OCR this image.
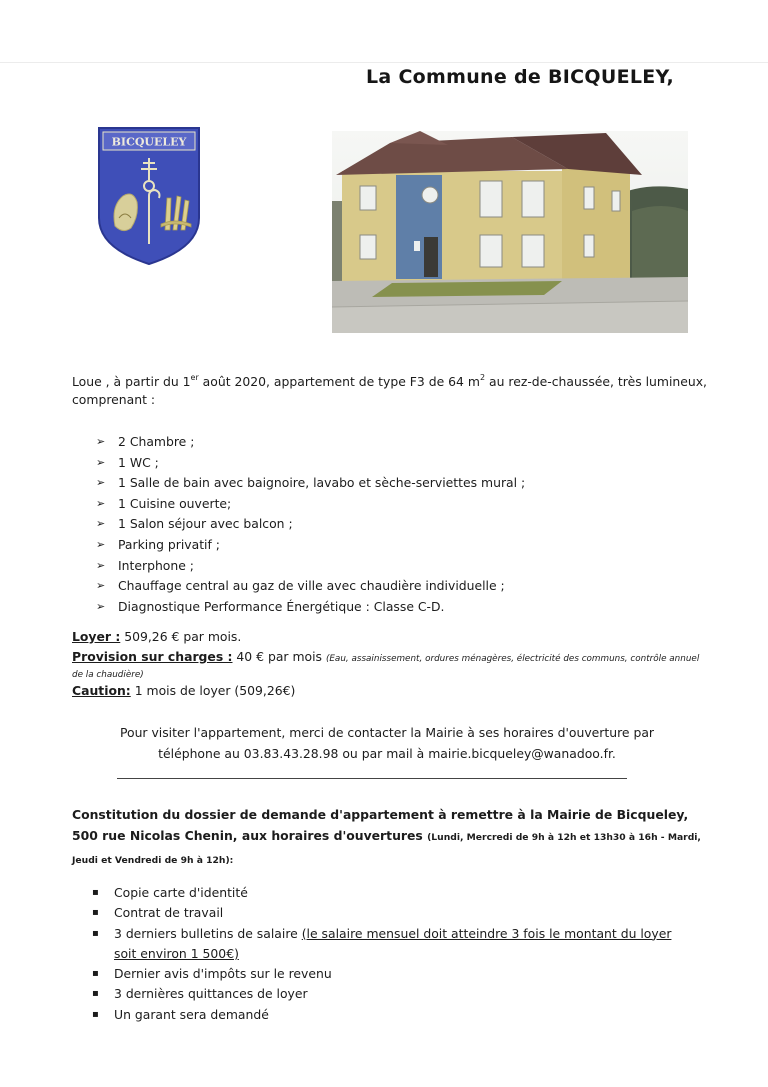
La Commune de BICQUELEY,
BICQUELEY
Loue , à partir du 1er août 2020, appartement de type F3 de 64 $m^2$ au rez-de-chaussée, très lumineux, comprenant :
➢ 2 Chambre ;
➢ 1 WC ;
➢ 1 Salle de bain avec baignoire, lavabo et sèche-serviettes mural ;
➢ 1 Cuisine ouverte;
➢ 1 Salon séjour avec balcon ;
➢ Parking privatif ;
➢ Interphone ;
➢ Chauffage central au gaz de ville avec chaudière individuelle ;
➢ Diagnostique Performance Énergétique : Classe C-D.
Loyer : 509,26 € par mois.
Provision sur charges : 40 € par mois (Eau, assainissement, ordures ménagères, électricité des communs, contrôle annuel de la chaudière)
Caution: 1 mois de loyer (509,26€)
Pour visiter l'appartement, merci de contacter la Mairie à ses horaires d'ouverture par
téléphone au 03.83.43.28.98 ou par mail à mairie.bicqueley@wanadoo.fr.
Constitution du dossier de demande d'appartement à remettre à la Mairie de Bicqueley, 500 rue Nicolas Chenin, aux horaires d'ouvertures (Lundi, Mercredi de 9h à 12h et 13h30 à 16h - Mardi, Jeudi et Vendredi de 9h à 12h):
▪ Copie carte d'identité
▪ Contrat de travail
▪ 3 derniers bulletins de salaire (le salaire mensuel doit atteindre 3 fois le montant du loyer soit environ 1 500€)
▪ Dernier avis d'impôts sur le revenu
▪ 3 dernières quittances de loyer
▪ Un garant sera demandé
